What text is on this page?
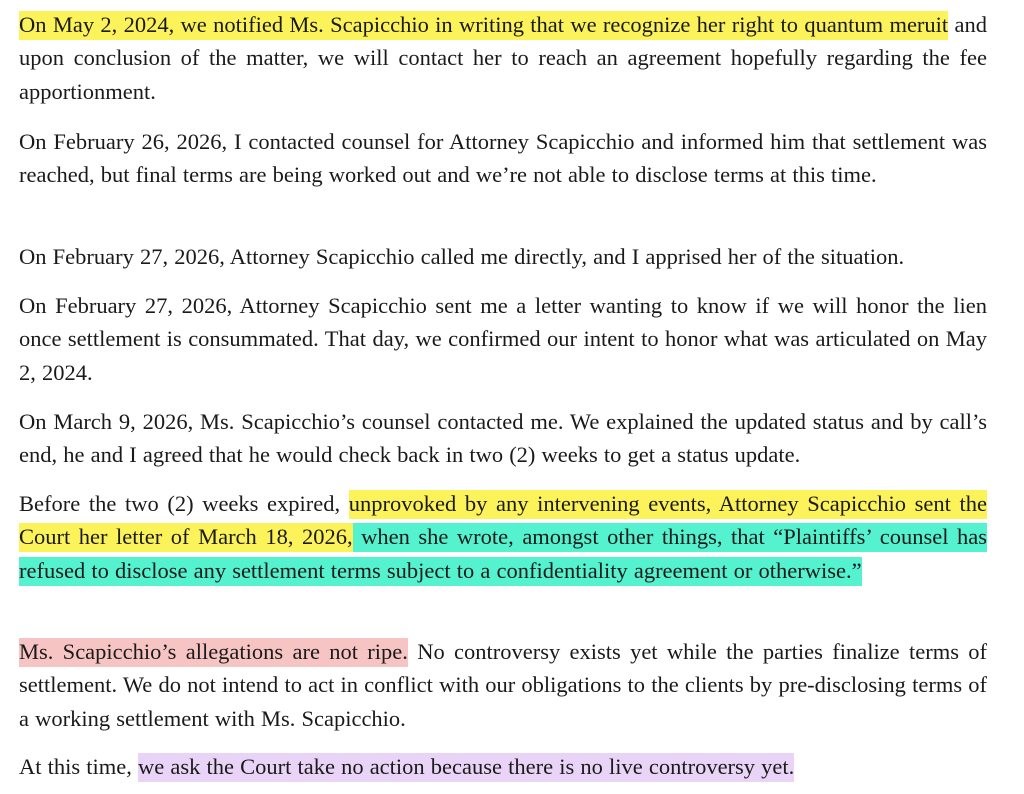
On May 2, 2024, we notified Ms. Scapicchio in writing that we recognize her right to quantum meruit and upon conclusion of the matter, we will contact her to reach an agreement hopefully regarding the fee apportionment.

On February 26, 2026, I contacted counsel for Attorney Scapicchio and informed him that settlement was reached, but final terms are being worked out and we’re not able to disclose terms at this time.

On February 27, 2026, Attorney Scapicchio called me directly, and I apprised her of the situation.

On February 27, 2026, Attorney Scapicchio sent me a letter wanting to know if we will honor the lien once settlement is consummated. That day, we confirmed our intent to honor what was articulated on May 2, 2024.

On March 9, 2026, Ms. Scapicchio’s counsel contacted me. We explained the updated status and by call’s end, he and I agreed that he would check back in two (2) weeks to get a status update.

Before the two (2) weeks expired, unprovoked by any intervening events, Attorney Scapicchio sent the Court her letter of March 18, 2026, when she wrote, amongst other things, that “Plaintiffs’ counsel has refused to disclose any settlement terms subject to a confidentiality agreement or otherwise.”

Ms. Scapicchio’s allegations are not ripe. No controversy exists yet while the parties finalize terms of settlement. We do not intend to act in conflict with our obligations to the clients by pre-disclosing terms of a working settlement with Ms. Scapicchio.

At this time, we ask the Court take no action because there is no live controversy yet.
